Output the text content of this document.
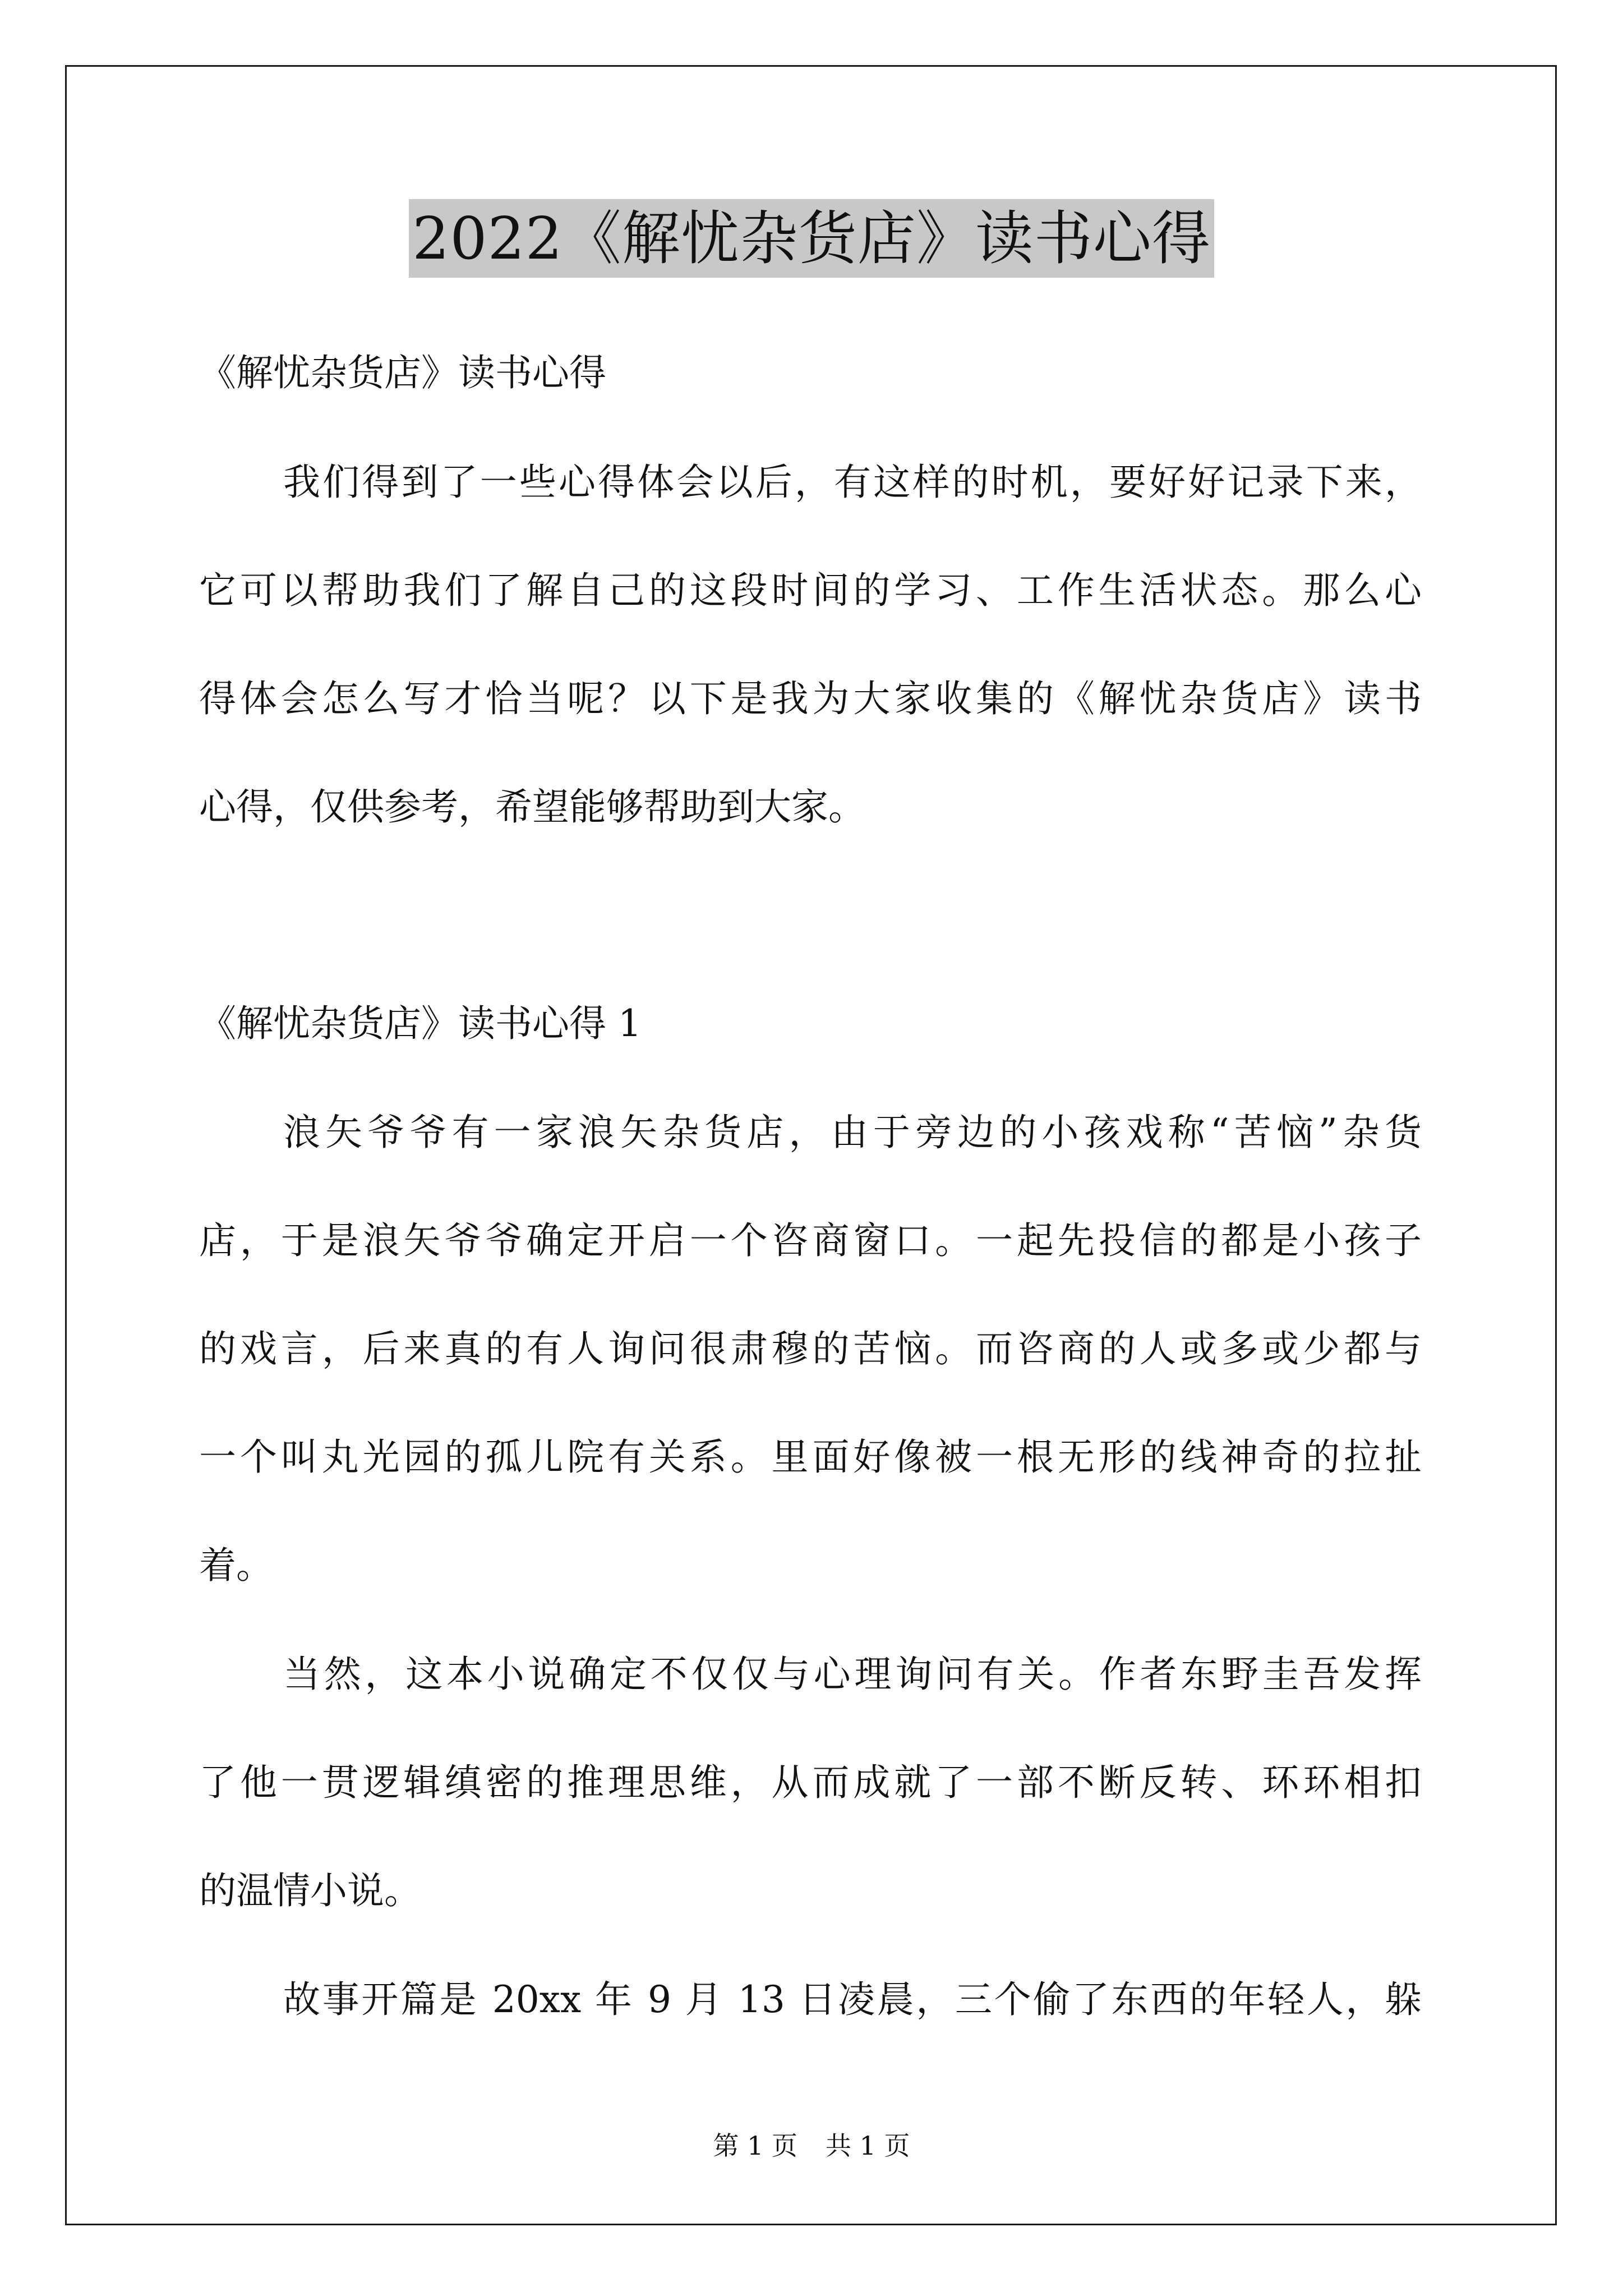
2022《解忧杂货店》读书心得

《解忧杂货店》读书心得

我们得到了一些心得体会以后，有这样的时机，要好好记录下来，

它可以帮助我们了解自己的这段时间的学习、工作生活状态。那么心

得体会怎么写才恰当呢？以下是我为大家收集的《解忧杂货店》读书

心得，仅供参考，希望能够帮助到大家。

《解忧杂货店》读书心得 1

浪矢爷爷有一家浪矢杂货店，由于旁边的小孩戏称“苦恼”杂货

店，于是浪矢爷爷确定开启一个咨商窗口。一起先投信的都是小孩子

的戏言，后来真的有人询问很肃穆的苦恼。而咨商的人或多或少都与

一个叫丸光园的孤儿院有关系。里面好像被一根无形的线神奇的拉扯

着。

当然，这本小说确定不仅仅与心理询问有关。作者东野圭吾发挥

了他一贯逻辑缜密的推理思维，从而成就了一部不断反转、环环相扣

的温情小说。

故事开篇是 20xx 年 9 月 13 日凌晨，三个偷了东西的年轻人，躲

第 1 页 共 1 页
